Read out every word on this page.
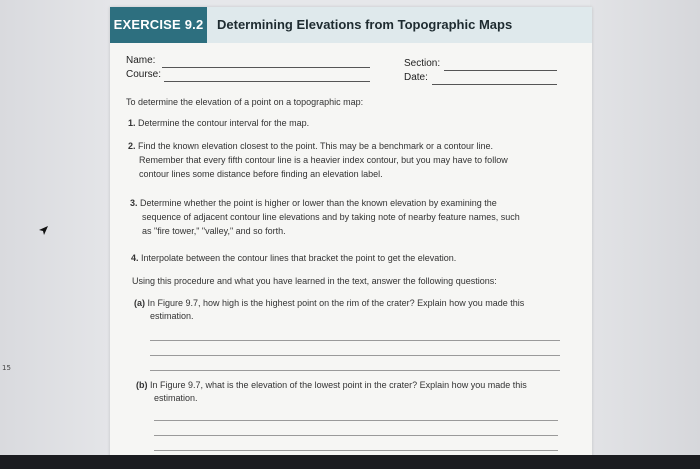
15
EXERCISE 9.2 Determining Elevations from Topographic Maps
Name:
Course:
Section:
Date:
To determine the elevation of a point on a topographic map:
1. Determine the contour interval for the map.
2. Find the known elevation closest to the point. This may be a benchmark or a contour line.
Remember that every fifth contour line is a heavier index contour, but you may have to follow
contour lines some distance before finding an elevation label.
3. Determine whether the point is higher or lower than the known elevation by examining the
sequence of adjacent contour line elevations and by taking note of nearby feature names, such
as "fire tower," "valley," and so forth.
4. Interpolate between the contour lines that bracket the point to get the elevation.
Using this procedure and what you have learned in the text, answer the following questions:
(a) In Figure 9.7, how high is the highest point on the rim of the crater? Explain how you made this
estimation.
(b) In Figure 9.7, what is the elevation of the lowest point in the crater? Explain how you made this
estimation.
